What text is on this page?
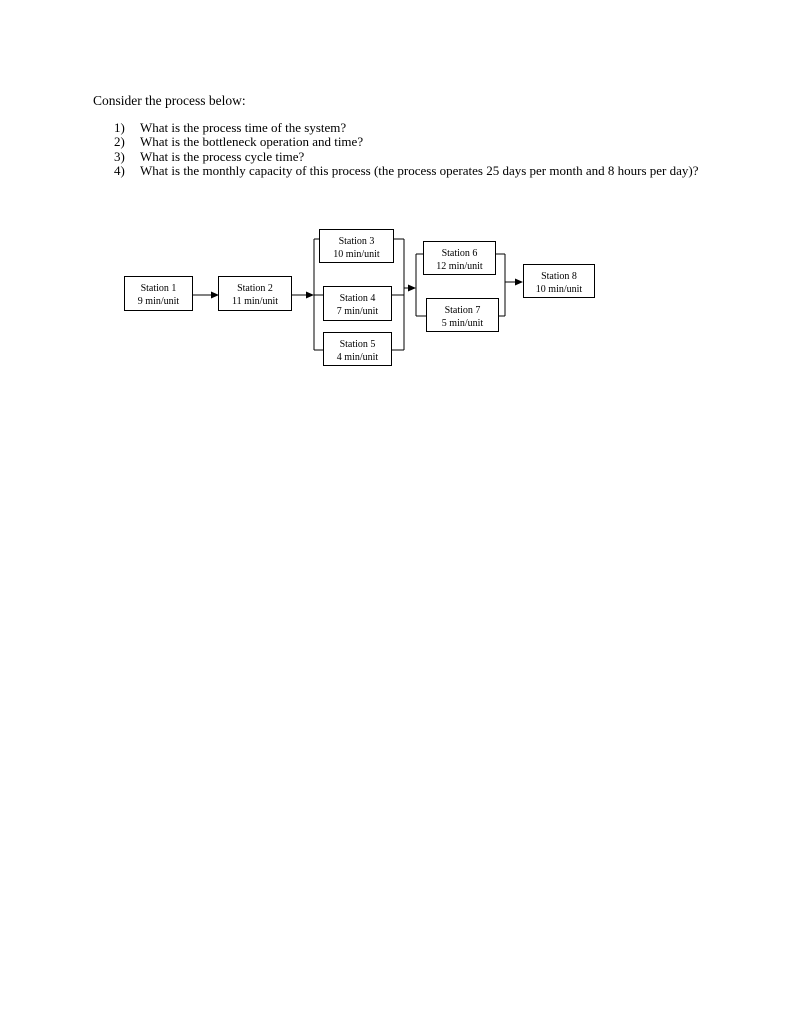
Consider the process below:

1) What is the process time of the system?
2) What is the bottleneck operation and time?
3) What is the process cycle time?
4) What is the monthly capacity of this process (the process operates 25 days per month and 8 hours per day)?
Station 1
9 min/unit
Station 2
11 min/unit
Station 3
10 min/unit
Station 4
7 min/unit
Station 5
4 min/unit
Station 6
12 min/unit
Station 7
5 min/unit
Station 8
10 min/unit
